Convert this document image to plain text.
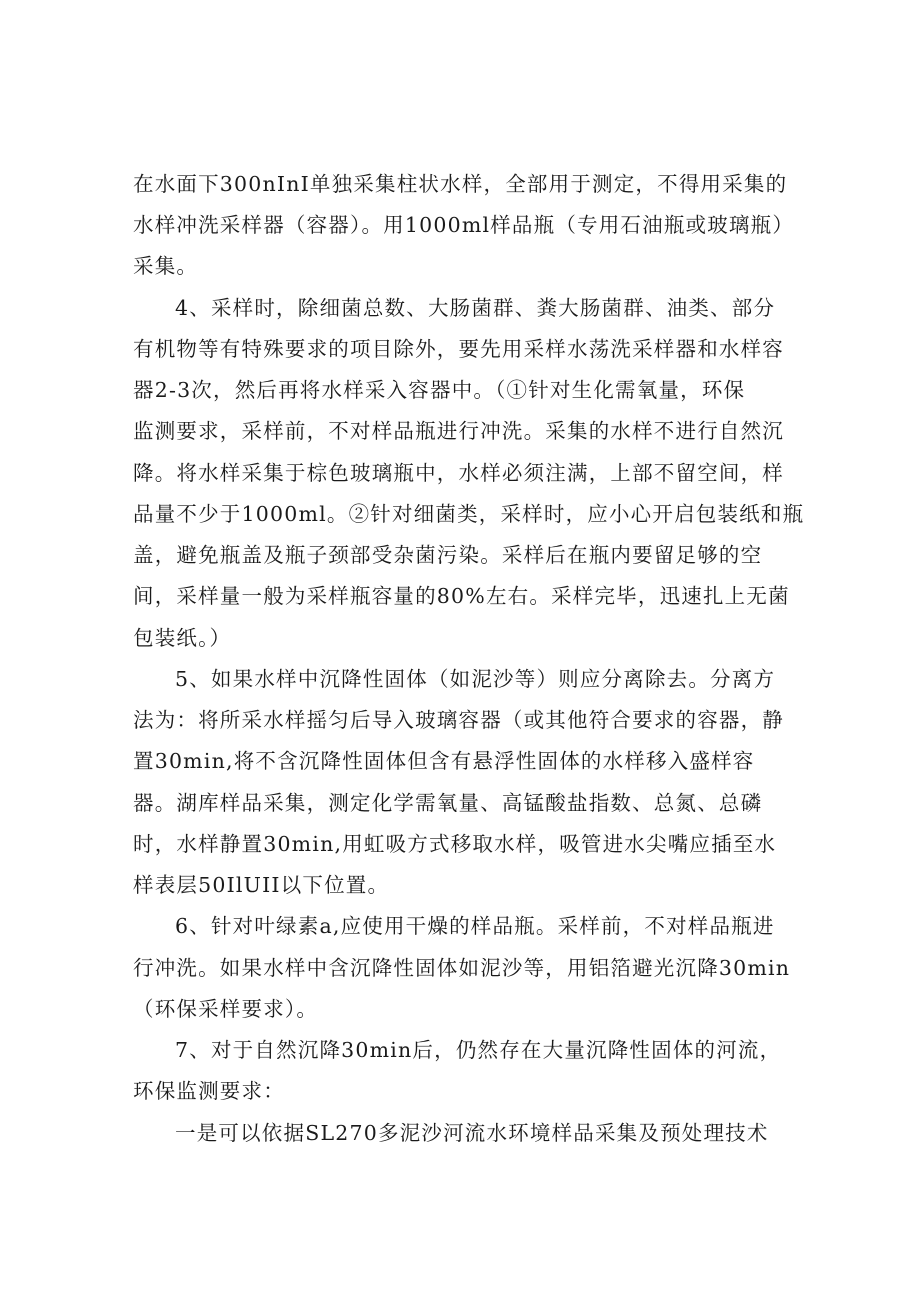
在水面下300nInI单独采集柱状水样，全部用于测定，不得用采集的
水样冲洗采样器（容器）。用1000ml样品瓶（专用石油瓶或玻璃瓶）
采集。
4、采样时，除细菌总数、大肠菌群、粪大肠菌群、油类、部分
有机物等有特殊要求的项目除外，要先用采样水荡洗采样器和水样容
器2-3次，然后再将水样采入容器中。（①针对生化需氧量，环保
监测要求，采样前，不对样品瓶进行冲洗。采集的水样不进行自然沉
降。将水样采集于棕色玻璃瓶中，水样必须注满，上部不留空间，样
品量不少于1000ml。②针对细菌类，采样时，应小心开启包装纸和瓶
盖，避免瓶盖及瓶子颈部受杂菌污染。采样后在瓶内要留足够的空
间，采样量一般为采样瓶容量的80%左右。采样完毕，迅速扎上无菌
包装纸。）
5、如果水样中沉降性固体（如泥沙等）则应分离除去。分离方
法为：将所采水样摇匀后导入玻璃容器（或其他符合要求的容器，静
置30min,将不含沉降性固体但含有悬浮性固体的水样移入盛样容
器。湖库样品采集，测定化学需氧量、高锰酸盐指数、总氮、总磷
时，水样静置30min,用虹吸方式移取水样，吸管进水尖嘴应插至水
样表层50IlUII以下位置。
6、针对叶绿素a,应使用干燥的样品瓶。采样前，不对样品瓶进
行冲洗。如果水样中含沉降性固体如泥沙等，用铝箔避光沉降30min
（环保采样要求）。
7、对于自然沉降30min后，仍然存在大量沉降性固体的河流，
环保监测要求：
一是可以依据SL270多泥沙河流水环境样品采集及预处理技术
